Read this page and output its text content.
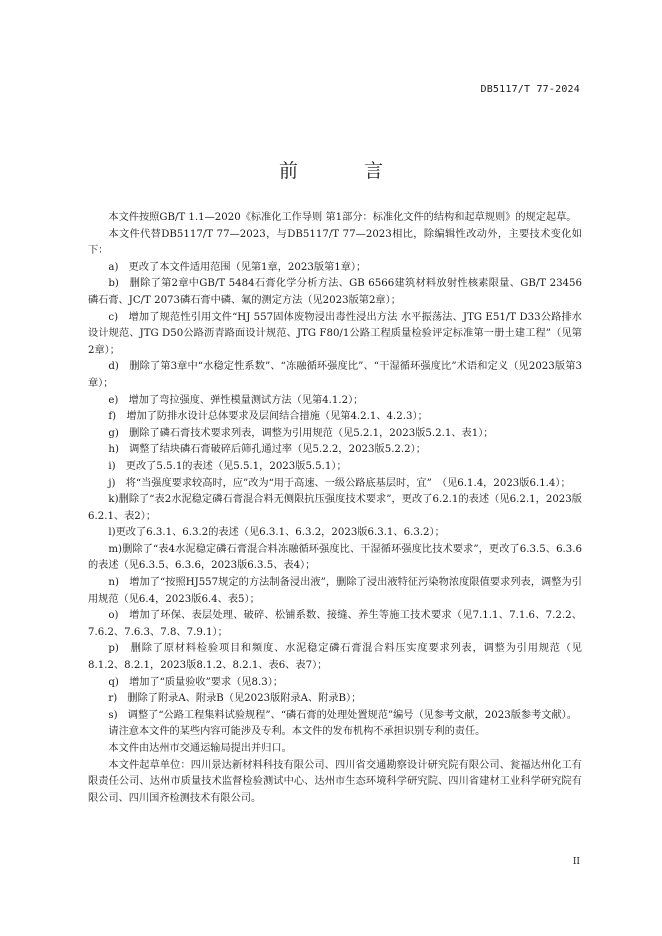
DB5117/T 77-2024
前 言

本文件按照GB/T 1.1—2020《标准化工作导则 第1部分：标准化文件的结构和起草规则》的规定起草。

本文件代替DB5117/T 77—2023，与DB5117/T 77—2023相比，除编辑性改动外，主要技术变化如下：

a)　更改了本文件适用范围（见第1章，2023版第1章）；

b)　删除了第2章中GB/T 5484石膏化学分析方法、GB 6566建筑材料放射性核素限量、GB/T 23456磷石膏、JC/T 2073磷石膏中磷、氟的测定方法（见2023版第2章）；

c)　增加了规范性引用文件“HJ 557固体废物浸出毒性浸出方法 水平振荡法、JTG E51/T D33公路排水设计规范、JTG D50公路沥青路面设计规范、JTG F80/1公路工程质量检验评定标准第一册土建工程”（见第2章）；

d)　删除了第3章中“水稳定性系数”、“冻融循环强度比”、“干湿循环强度比”术语和定义（见2023版第3章）；

e)　增加了弯拉强度、弹性模量测试方法（见第4.1.2）；

f)　增加了防排水设计总体要求及层间结合措施（见第4.2.1、4.2.3）；

g)　删除了磷石膏技术要求列表，调整为引用规范（见5.2.1，2023版5.2.1、表1）；

h)　调整了结块磷石膏破碎后筛孔通过率（见5.2.2，2023版5.2.2）；

i)　更改了5.5.1的表述（见5.5.1，2023版5.5.1）；

j)　将“当强度要求较高时，应”改为“用于高速、一级公路底基层时，宜”　（见6.1.4，2023版6.1.4）；

k)删除了“表2水泥稳定磷石膏混合料无侧限抗压强度技术要求”，更改了6.2.1的表述（见6.2.1，2023版6.2.1、表2）；

l)更改了6.3.1、6.3.2的表述（见6.3.1、6.3.2，2023版6.3.1、6.3.2）；

m)删除了“表4水泥稳定磷石膏混合料冻融循环强度比、干湿循环强度比技术要求”，更改了6.3.5、6.3.6的表述（见6.3.5、6.3.6，2023版6.3.5、表4）；

n)　增加了“按照HJ557规定的方法制备浸出液”，删除了浸出液特征污染物浓度限值要求列表，调整为引用规范（见6.4，2023版6.4、表5）；

o)　增加了环保、表层处理、破碎、松铺系数、接缝、养生等施工技术要求（见7.1.1、7.1.6、7.2.2、7.6.2、7.6.3、7.8、7.9.1）；

p)　删除了原材料检验项目和频度、水泥稳定磷石膏混合料压实度要求列表，调整为引用规范（见8.1.2、8.2.1，2023版8.1.2、8.2.1、表6、表7）；

q)　增加了“质量验收”要求（见8.3）；

r)　删除了附录A、附录B（见2023版附录A、附录B）；

s)　调整了“公路工程集料试验规程”、“磷石膏的处理处置规范”编号（见参考文献，2023版参考文献）。

请注意本文件的某些内容可能涉及专利。本文件的发布机构不承担识别专利的责任。

本文件由达州市交通运输局提出并归口。

本文件起草单位：四川景达新材料科技有限公司、四川省交通勘察设计研究院有限公司、瓮福达州化工有限责任公司、达州市质量技术监督检验测试中心、达州市生态环境科学研究院、四川省建材工业科学研究院有限公司、四川国齐检测技术有限公司。

II
